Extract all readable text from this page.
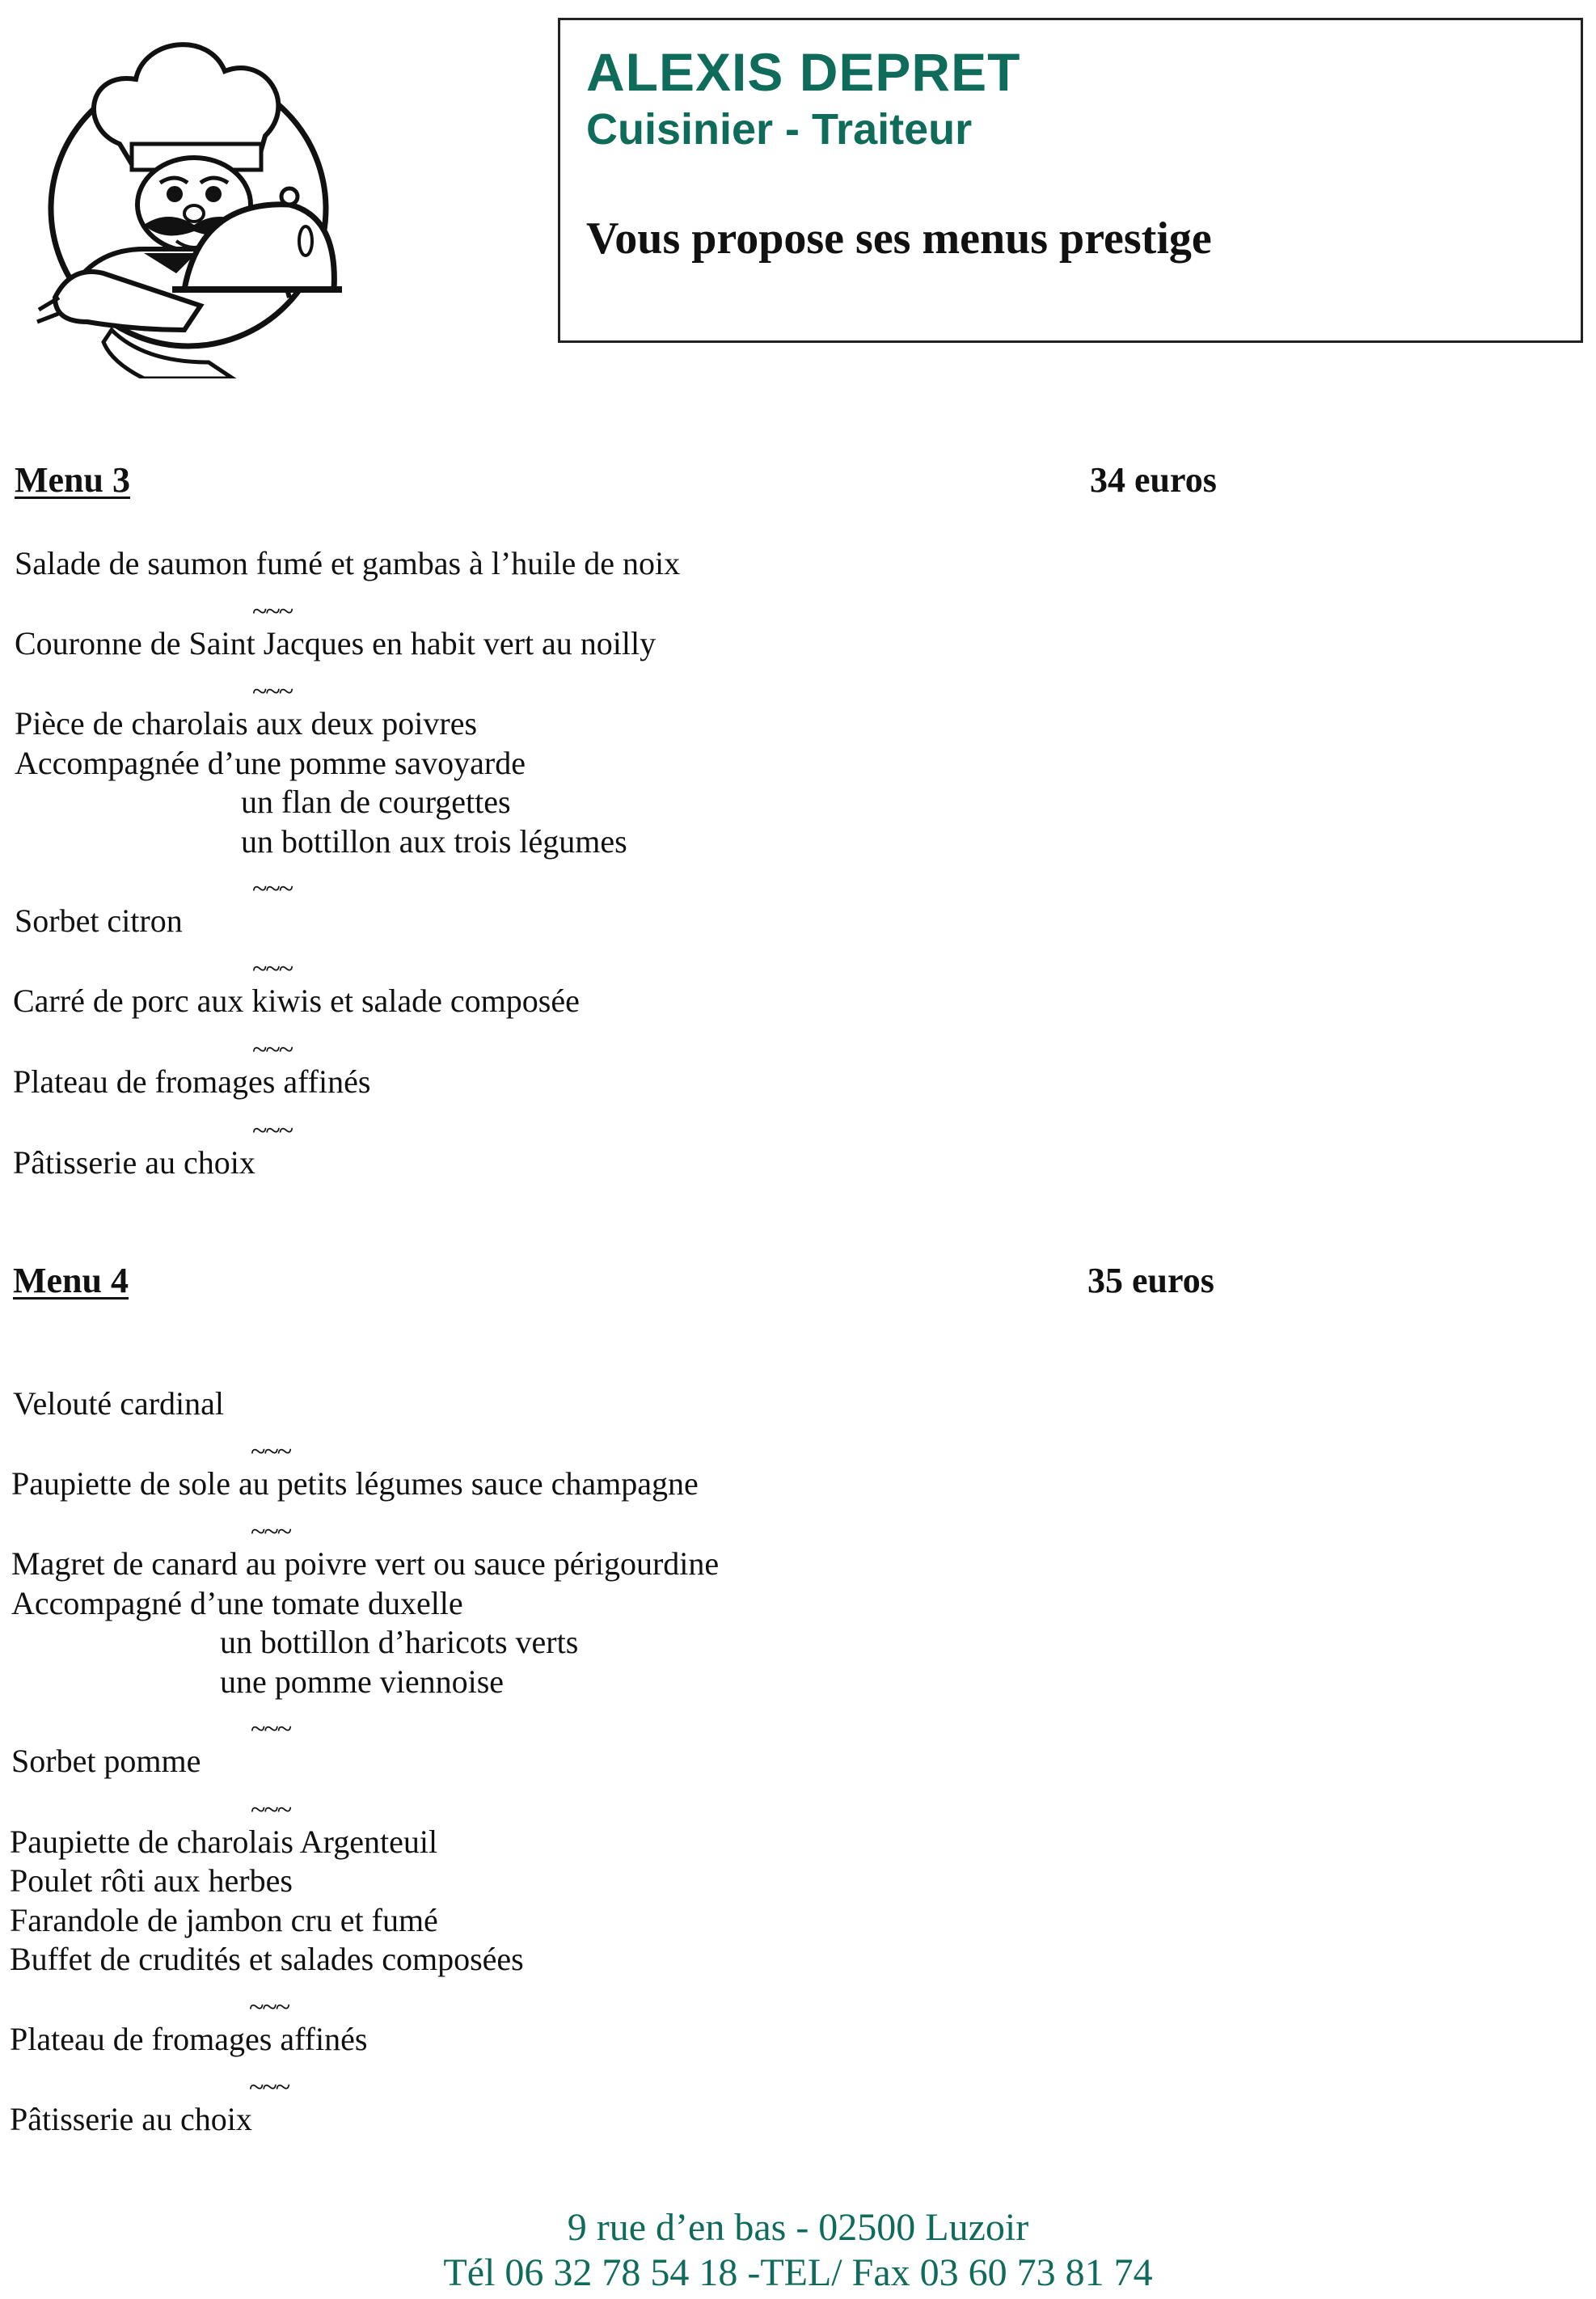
ALEXIS DEPRET
Cuisinier - Traiteur
Vous propose ses menus prestige
Menu 3	34 euros
Salade de saumon fumé et gambas à l’huile de noix
~~~
Couronne de Saint Jacques en habit vert au noilly
~~~
Pièce de charolais aux deux poivres
Accompagnée d’une pomme savoyarde
un flan de courgettes
un bottillon aux trois légumes
~~~
Sorbet citron
~~~
Carré de porc aux kiwis et salade composée
~~~
Plateau de fromages affinés
~~~
Pâtisserie au choix
Menu 4	35 euros
Velouté cardinal
~~~
Paupiette de sole au petits légumes sauce champagne
~~~
Magret de canard au poivre vert ou sauce périgourdine
Accompagné d’une tomate duxelle
un bottillon d’haricots verts
une pomme viennoise
~~~
Sorbet pomme
~~~
Paupiette de charolais Argenteuil
Poulet rôti aux herbes
Farandole de jambon cru et fumé
Buffet de crudités et salades composées
~~~
Plateau de fromages affinés
~~~
Pâtisserie au choix
9 rue d’en bas - 02500 Luzoir
Tél 06 32 78 54 18 -TEL/ Fax 03 60 73 81 74
